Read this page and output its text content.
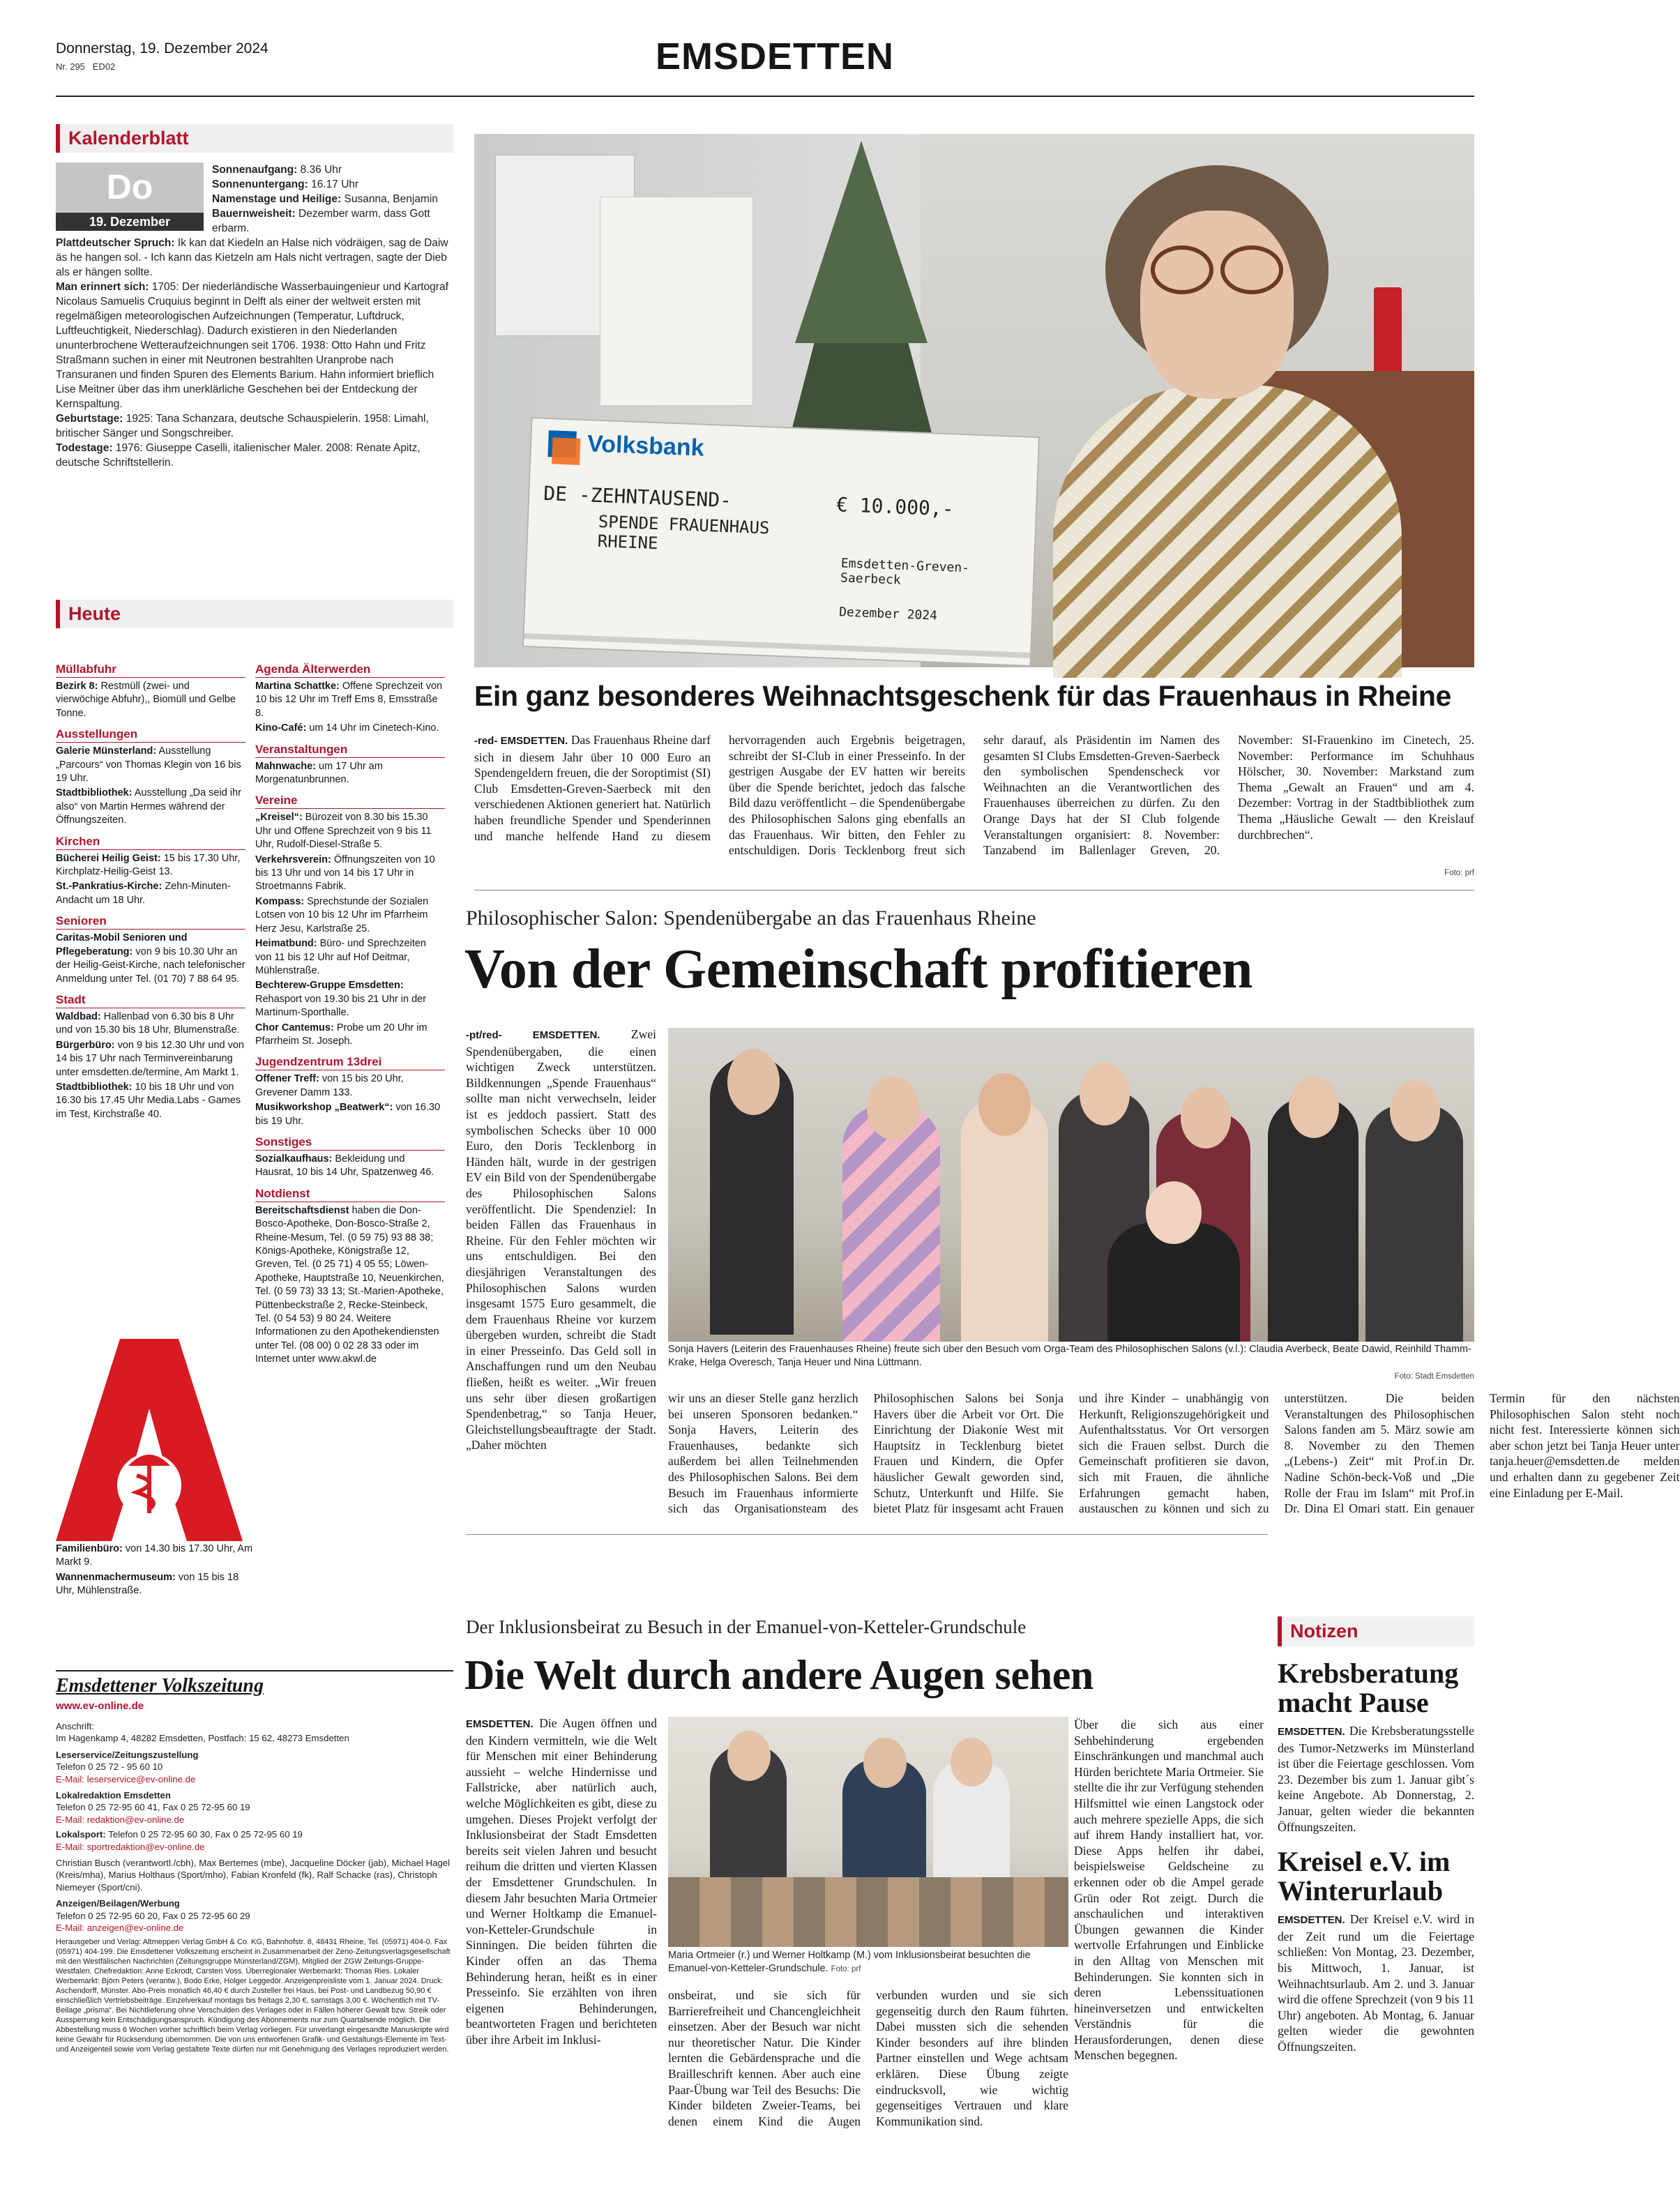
Donnerstag, 19. Dezember 2024
Nr. 295 ED02	EMSDETTEN
Kalenderblatt
Do
19. Dezember
Sonnenaufgang: 8.36 Uhr
Sonnenuntergang: 16.17 Uhr
Namenstage und Heilige: Susanna, Benjamin
Bauernweisheit: Dezember warm, dass Gott erbarm.
Plattdeutscher Spruch: Ik kan dat Kiedeln an Halse nich vödräigen, sag de Daiw äs he hangen sol. - Ich kann das Kietzeln am Hals nicht vertragen, sagte der Dieb als er hängen sollte.
Man erinnert sich: 1705: Der niederländische Wasserbauingenieur und Kartograf Nicolaus Samuelis Cruquius beginnt in Delft als einer der weltweit ersten mit regelmäßigen meteorologischen Aufzeichnungen (Temperatur, Luftdruck, Luftfeuchtigkeit, Niederschlag). Dadurch existieren in den Niederlanden ununterbrochene Wetteraufzeichnungen seit 1706. 1938: Otto Hahn und Fritz Straßmann suchen in einer mit Neutronen bestrahlten Uranprobe nach Transuranen und finden Spuren des Elements Barium. Hahn informiert brieflich Lise Meitner über das ihm unerklärliche Geschehen bei der Entdeckung der Kernspaltung.
Geburtstage: 1925: Tana Schanzara, deutsche Schauspielerin. 1958: Limahl, britischer Sänger und Songschreiber.
Todestage: 1976: Giuseppe Caselli, italienischer Maler. 2008: Renate Apitz, deutsche Schriftstellerin.
Heute
Müllabfuhr
Bezirk 8: Restmüll (zwei- und vierwöchige Abfuhr),, Biomüll und Gelbe Tonne.
Ausstellungen
Galerie Münsterland: Ausstellung „Parcours“ von Thomas Klegin von 16 bis 19 Uhr.
Stadtbibliothek: Ausstellung „Da seid ihr also“ von Martin Hermes während der Öffnungszeiten.
Kirchen
Bücherei Heilig Geist: 15 bis 17.30 Uhr, Kirchplatz-Heilig-Geist 13.
St.-Pankratius-Kirche: Zehn-Minuten-Andacht um 18 Uhr.
Senioren
Caritas-Mobil Senioren und Pflegeberatung: von 9 bis 10.30 Uhr an der Heilig-Geist-Kirche, nach telefonischer Anmeldung unter Tel. (01 70) 7 88 64 95.
Stadt
Waldbad: Hallenbad von 6.30 bis 8 Uhr und von 15.30 bis 18 Uhr, Blumenstraße.
Bürgerbüro: von 9 bis 12.30 Uhr und von 14 bis 17 Uhr nach Terminvereinbarung unter emsdetten.de/termine, Am Markt 1.
Stadtbibliothek: 10 bis 18 Uhr und von 16.30 bis 17.45 Uhr Media.Labs - Games im Test, Kirchstraße 40.
Agenda Älterwerden
Martina Schattke: Offene Sprechzeit von 10 bis 12 Uhr im Treff Ems 8, Emsstraße 8.
Kino-Café: um 14 Uhr im Cinetech-Kino.
Veranstaltungen
Mahnwache: um 17 Uhr am Morgenatunbrunnen.
Vereine
„Kreisel“: Bürozeit von 8.30 bis 15.30 Uhr und Offene Sprechzeit von 9 bis 11 Uhr, Rudolf-Diesel-Straße 5.
Verkehrsverein: Öffnungszeiten von 10 bis 13 Uhr und von 14 bis 17 Uhr in Stroetmanns Fabrik.
Kompass: Sprechstunde der Sozialen Lotsen von 10 bis 12 Uhr im Pfarrheim Herz Jesu, Karlstraße 25.
Heimatbund: Büro- und Sprechzeiten von 11 bis 12 Uhr auf Hof Deitmar, Mühlenstraße.
Bechterew-Gruppe Emsdetten: Rehasport von 19.30 bis 21 Uhr in der Martinum-Sporthalle.
Chor Cantemus: Probe um 20 Uhr im Pfarrheim St. Joseph.
Jugendzentrum 13drei
Offener Treff: von 15 bis 20 Uhr, Grevener Damm 133.
Musikworkshop „Beatwerk“: von 16.30 bis 19 Uhr.
Sonstiges
Sozialkaufhaus: Bekleidung und Hausrat, 10 bis 14 Uhr, Spatzenweg 46.
Notdienst
Bereitschaftsdienst haben die Don-Bosco-Apotheke, Don-Bosco-Straße 2, Rheine-Mesum, Tel. (0 59 75) 93 88 38; Königs-Apotheke, Königstraße 12, Greven, Tel. (0 25 71) 4 05 55; Löwen-Apotheke, Hauptstraße 10, Neuenkirchen, Tel. (0 59 73) 33 13; St.-Marien-Apotheke, Püttenbeckstraße 2, Recke-Steinbeck, Tel. (0 54 53) 9 80 24. Weitere Informationen zu den Apothekendiensten unter Tel. (08 00) 0 02 28 33 oder im Internet unter www.akwl.de
Familienbüro: von 14.30 bis 17.30 Uhr, Am Markt 9.
Wannenmachermuseum: von 15 bis 18 Uhr, Mühlenstraße.
Emsdettener Volkszeitung
www.ev-online.de
Anschrift:
Im Hagenkamp 4, 48282 Emsdetten, Postfach: 15 62, 48273 Emsdetten
Leserservice/Zeitungszustellung
Telefon 0 25 72 - 95 60 10
E-Mail: leserservice@ev-online.de
Lokalredaktion Emsdetten
Telefon 0 25 72-95 60 41, Fax 0 25 72-95 60 19
E-Mail: redaktion@ev-online.de
Lokalsport: Telefon 0 25 72-95 60 30, Fax 0 25 72-95 60 19
E-Mail: sportredaktion@ev-online.de
Christian Busch (verantwortl./cbh), Max Bertemes (mbe), Jacqueline Döcker (jab), Michael Hagel (Kreis/mha), Marius Holthaus (Sport/mho), Fabian Kronfeld (fk), Ralf Schacke (ras), Christoph Niemeyer (Sport/cni).
Anzeigen/Beilagen/Werbung
Telefon 0 25 72-95 60 20, Fax 0 25 72-95 60 29
E-Mail: anzeigen@ev-online.de
Herausgeber und Verlag: Altmeppen Verlag GmbH & Co. KG, Bahnhofstr. 8, 48431 Rheine, Tel. (05971) 404-0. Fax (05971) 404-199. Die Emsdettener Volkszeitung erscheint in Zusammenarbeit der Zeno-Zeitungsverlagsgesellschaft mit den Westfälischen Nachrichten (Zeitungsgruppe Münsterland/ZGM), Mitglied der ZGW Zeitungs-Gruppe-Westfalen. Chefredaktion: Anne Eckrodt, Carsten Voss. Überregionaler Werbemarkt: Thomas Ries. Lokaler Werbemarkt: Björn Peters (verantw.), Bodo Erke, Holger Leggedör. Anzeigenpreisliste vom 1. Januar 2024. Druck: Aschendorff, Münster. Abo-Preis monatlich 46,40 € durch Zusteller frei Haus, bei Post- und Landbezug 50,90 € einschließlich Vertriebsbeiträge. Einzelverkauf montags bis freitags 2,30 €, samstags 3,00 €. Wöchentlich mit TV-Beilage „prisma“. Bei Nichtlieferung ohne Verschulden des Verlages oder in Fällen höherer Gewalt bzw. Streik oder Aussperrung kein Entschädigungsanspruch. Kündigung des Abonnements nur zum Quartalsende möglich. Die Abbestellung muss 6 Wochen vorher schriftlich beim Verlag vorliegen. Für unverlangt eingesandte Manuskripte wird keine Gewähr für Rücksendung übernommen. Die von uns entworfenen Grafik- und Gestaltungs-Elemente im Text- und Anzeigenteil sowie vom Verlag gestaltete Texte dürfen nur mit Genehmigung des Verlages reproduziert werden.
Volksbank
DE -ZEHNTAUSEND-
SPENDE FRAUENHAUS RHEINE
€ 10.000,-
Emsdetten-Greven-Saerbeck
Dezember 2024
Ein ganz besonderes Weihnachtsgeschenk für das Frauenhaus in Rheine

-red- EMSDETTEN. Das Frauenhaus Rheine darf sich in diesem Jahr über 10 000 Euro an Spendengeldern freuen, die der Soroptimist (SI) Club Emsdetten-Greven-Saerbeck mit den verschiedenen Aktionen generiert hat. Natürlich haben freundliche Spender und Spenderinnen und manche helfende Hand zu diesem hervorragenden auch Ergebnis beigetragen, schreibt der SI-Club in einer Presseinfo. In der gestrigen Ausgabe der EV hatten wir bereits über die Spende berichtet, jedoch das falsche Bild dazu veröffentlicht – die Spendenübergabe des Philosophischen Salons ging ebenfalls an das Frauenhaus. Wir bitten, den Fehler zu entschuldigen. Doris Tecklenborg freut sich sehr darauf, als Präsidentin im Namen des gesamten SI Clubs Emsdetten-Greven-Saerbeck den symbolischen Spendenscheck vor Weihnachten an die Verantwortlichen des Frauenhauses überreichen zu dürfen. Zu den Orange Days hat der SI Club folgende Veranstaltungen organisiert: 8. November: Tanzabend im Ballenlager Greven, 20. November: SI-Frauenkino im Cinetech, 25. November: Performance im Schuhhaus Hölscher, 30. November: Markstand zum Thema „Gewalt an Frauen“ und am 4. Dezember: Vortrag in der Stadtbibliothek zum Thema „Häusliche Gewalt — den Kreislauf durchbrechen“.

Foto: prf
Philosophischer Salon: Spendenübergabe an das Frauenhaus Rheine
Von der Gemeinschaft profitieren

-pt/red- EMSDETTEN.	Zwei Spendenübergaben, die einen wichtigen Zweck unterstützen. Bildkennungen „Spende Frauenhaus“ sollte man nicht verwechseln, leider ist es jeddoch passiert. Statt des symbolischen Schecks über 10 000 Euro, den Doris Tecklenborg in Händen hält, wurde in der gestrigen EV ein Bild von der Spendenübergabe des Philosophischen Salons veröffentlicht. Die Spendenziel: In beiden Fällen das Frauenhaus in Rheine. Für den Fehler möchten wir uns entschuldigen. Bei den diesjährigen Veranstaltungen des Philosophischen Salons wurden insgesamt 1575 Euro gesammelt, die dem Frauenhaus Rheine vor kurzem übergeben wurden, schreibt die Stadt in einer Presseinfo. Das Geld soll in Anschaffungen rund um den Neubau fließen, heißt es weiter. „Wir freuen uns sehr über diesen großartigen Spendenbetrag,“ so Tanja Heuer, Gleichstellungsbeauftragte der Stadt. „Daher möchten

Sonja Havers (Leiterin des Frauenhauses Rheine) freute sich über den Besuch vom Orga-Team des Philosophischen Salons (v.l.): Claudia Averbeck, Beate Dawid, Reinhild Thamm-Krake, Helga Overesch, Tanja Heuer und Nina Lüttmann.
Foto: Stadt Emsdetten

wir uns an dieser Stelle ganz herzlich bei unseren Sponsoren bedanken.“ Sonja Havers, Leiterin des Frauenhauses, bedankte sich außerdem bei allen Teilnehmenden des Philosophischen Salons. Bei dem Besuch im Frauenhaus informierte sich das Organisationsteam des Philosophischen Salons bei Sonja Havers über die Arbeit vor Ort. Die Einrichtung der Diakonie West mit Hauptsitz in Tecklenburg bietet Frauen und Kindern, die Opfer häuslicher Gewalt geworden sind, Schutz, Unterkunft und Hilfe. Sie bietet Platz für insgesamt acht Frauen und ihre Kinder – unabhängig von Herkunft, Religionszugehörigkeit und Aufenthaltsstatus. Vor Ort versorgen sich die Frauen selbst. Durch die Gemeinschaft profitieren sie davon, sich mit Frauen, die ähnliche Erfahrungen gemacht haben, austauschen zu können und sich zu unterstützen. Die beiden Veranstaltungen des Philosophischen Salons fanden am 5. März sowie am 8. November zu den Themen „(Lebens-) Zeit“ mit Prof.in Dr. Nadine Schön-beck-Voß und „Die Rolle der Frau im Islam“ mit Prof.in Dr. Dina El Omari statt. Ein genauer Termin für den nächsten Philosophischen Salon steht noch nicht fest. Interessierte können sich aber schon jetzt bei Tanja Heuer unter tanja.heuer@emsdetten.de melden und erhalten dann zu gegebener Zeit eine Einladung per E-Mail.

Der Inklusionsbeirat zu Besuch in der Emanuel-von-Ketteler-Grundschule
Die Welt durch andere Augen sehen

EMSDETTEN. Die Augen öffnen und den Kindern vermitteln, wie die Welt für Menschen mit einer Behinderung aussieht – welche Hindernisse und Fallstricke, aber natürlich auch, welche Möglichkeiten es gibt, diese zu umgehen. Dieses Projekt verfolgt der Inklusionsbeirat der Stadt Emsdetten bereits seit vielen Jahren und besucht reihum die dritten und vierten Klassen der Emsdettener Grundschulen. In diesem Jahr besuchten Maria Ortmeier und Werner Holtkamp die Emanuel-von-Ketteler-Grundschule in Sinningen. Die beiden führten die Kinder offen an das Thema Behinderung heran, heißt es in einer Presseinfo. Sie erzählten von ihren eigenen Behinderungen, beantworteten Fragen und berichteten über ihre Arbeit im Inklusi-

Maria Ortmeier (r.) und Werner Holtkamp (M.) vom Inklusionsbeirat besuchten die Emanuel-von-Ketteler-Grundschule. Foto: prf

onsbeirat, und sie sich für Barrierefreiheit und Chancengleichheit einsetzen. Aber der Besuch war nicht nur theoretischer Natur. Die Kinder lernten die Gebärdensprache und die Brailleschrift kennen. Aber auch eine Paar-Übung war Teil des Besuchs: Die Kinder bildeten Zweier-Teams, bei denen einem Kind die Augen verbunden wurden und sie sich gegenseitig durch den Raum führten. Dabei mussten sich die sehenden Kinder besonders auf ihre blinden Partner einstellen und Wege achtsam erklären. Diese Übung zeigte eindrucksvoll, wie wichtig gegenseitiges Vertrauen und klare Kommunikation sind.

Über die sich aus einer Sehbehinderung ergebenden Einschränkungen und manchmal auch Hürden berichtete Maria Ortmeier. Sie stellte die ihr zur Verfügung stehenden Hilfsmittel wie einen Langstock oder auch mehrere spezielle Apps, die sich auf ihrem Handy installiert hat, vor. Diese Apps helfen ihr dabei, beispielsweise Geldscheine zu erkennen oder ob die Ampel gerade Grün oder Rot zeigt. Durch die anschaulichen und interaktiven Übungen gewannen die Kinder wertvolle Erfahrungen und Einblicke in den Alltag von Menschen mit Behinderungen. Sie konnten sich in deren Lebenssituationen hineinversetzen und entwickelten Verständnis für die Herausforderungen, denen diese Menschen begegnen.

Notizen
Krebsberatung macht Pause

EMSDETTEN. Die Krebsberatungsstelle des Tumor-Netzwerks im Münsterland ist über die Feiertage geschlossen. Vom 23. Dezember bis zum 1. Januar gibt´s keine Angebote. Ab Donnerstag, 2. Januar, gelten wieder die bekannten Öffnungszeiten.

Kreisel e.V. im Winterurlaub

EMSDETTEN. Der Kreisel e.V. wird in der Zeit rund um die Feiertage schließen: Von Montag, 23. Dezember, bis Mittwoch, 1. Januar, ist Weihnachtsurlaub. Am 2. und 3. Januar wird die offene Sprechzeit (von 9 bis 11 Uhr) angeboten. Ab Montag, 6. Januar gelten wieder die gewohnten Öffnungszeiten.
